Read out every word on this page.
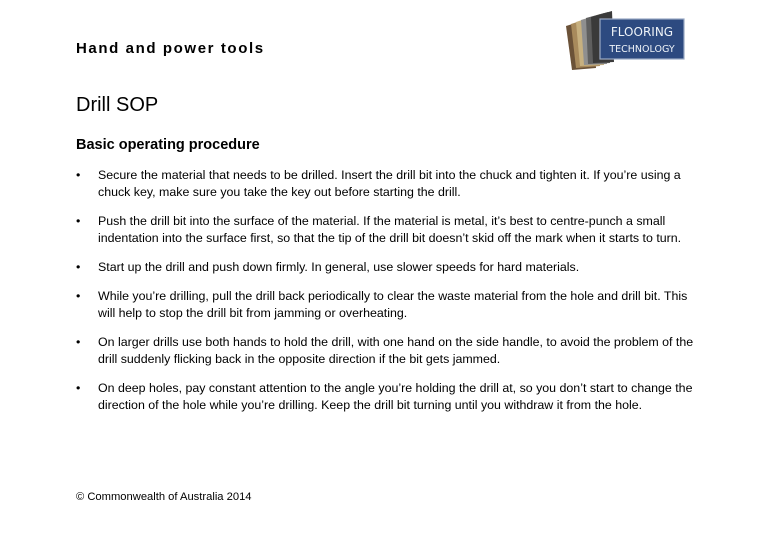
Hand and power tools
FLOORING
TECHNOLOGY
Drill SOP
Basic operating procedure
•	Secure the material that needs to be drilled. Insert the drill bit into the chuck and tighten it. If you’re using a chuck key, make sure you take the key out before starting the drill.
•	Push the drill bit into the surface of the material. If the material is metal, it’s best to centre-punch a small indentation into the surface first, so that the tip of the drill bit doesn’t skid off the mark when it starts to turn.
•	Start up the drill and push down firmly. In general, use slower speeds for hard materials.
•	While you’re drilling, pull the drill back periodically to clear the waste material from the hole and drill bit. This will help to stop the drill bit from jamming or overheating.
•	On larger drills use both hands to hold the drill, with one hand on the side handle, to avoid the problem of the drill suddenly flicking back in the opposite direction if the bit gets jammed.
•	On deep holes, pay constant attention to the angle you’re holding the drill at, so you don’t start to change the direction of the hole while you’re drilling. Keep the drill bit turning until you withdraw it from the hole.
© Commonwealth of Australia 2014
